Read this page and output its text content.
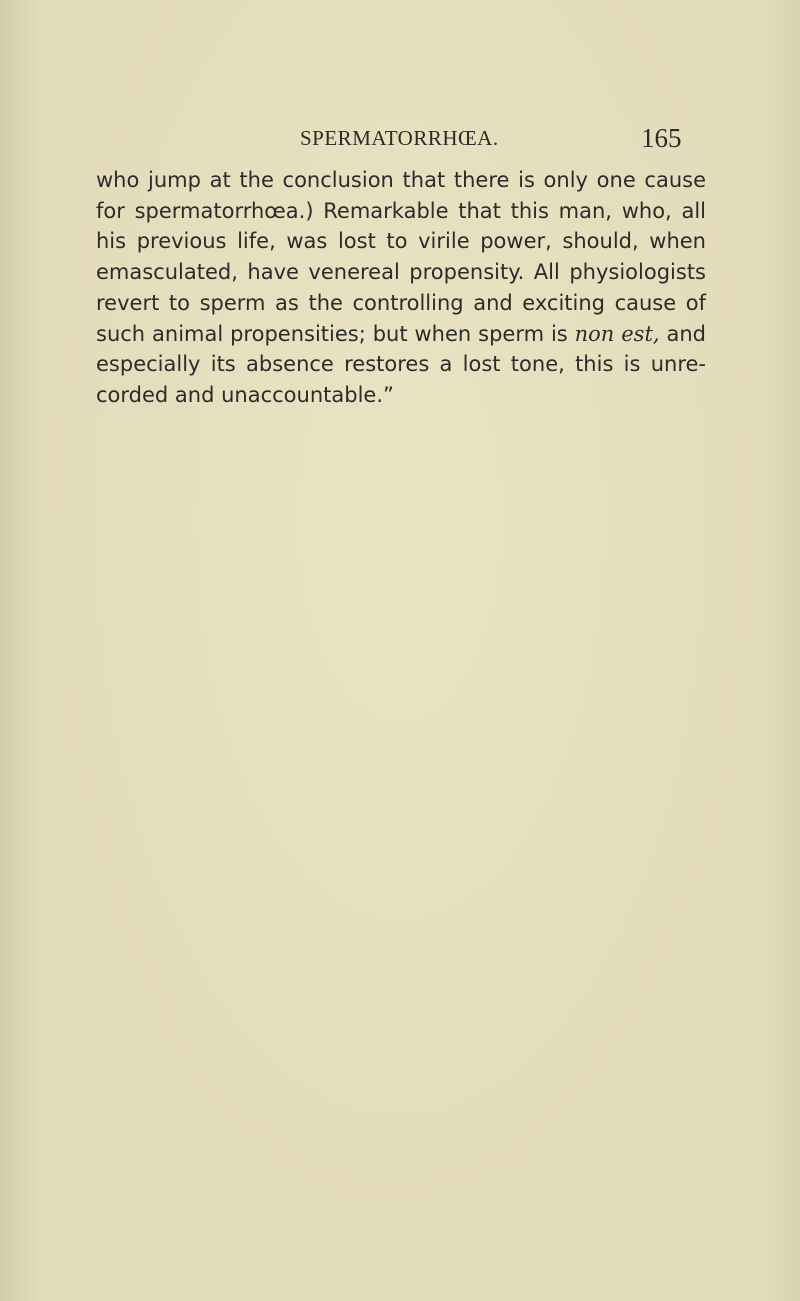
SPERMATORRHŒA.	165
who jump at the conclusion that there is only one cause
for spermatorrhœa.) Remarkable that this man, who, all
his previous life, was lost to virile power, should, when
emasculated, have venereal propensity. All physiologists
revert to sperm as the controlling and exciting cause of
such animal propensities; but when sperm is non est, and
especially its absence restores a lost tone, this is unre-
corded and unaccountable.”
